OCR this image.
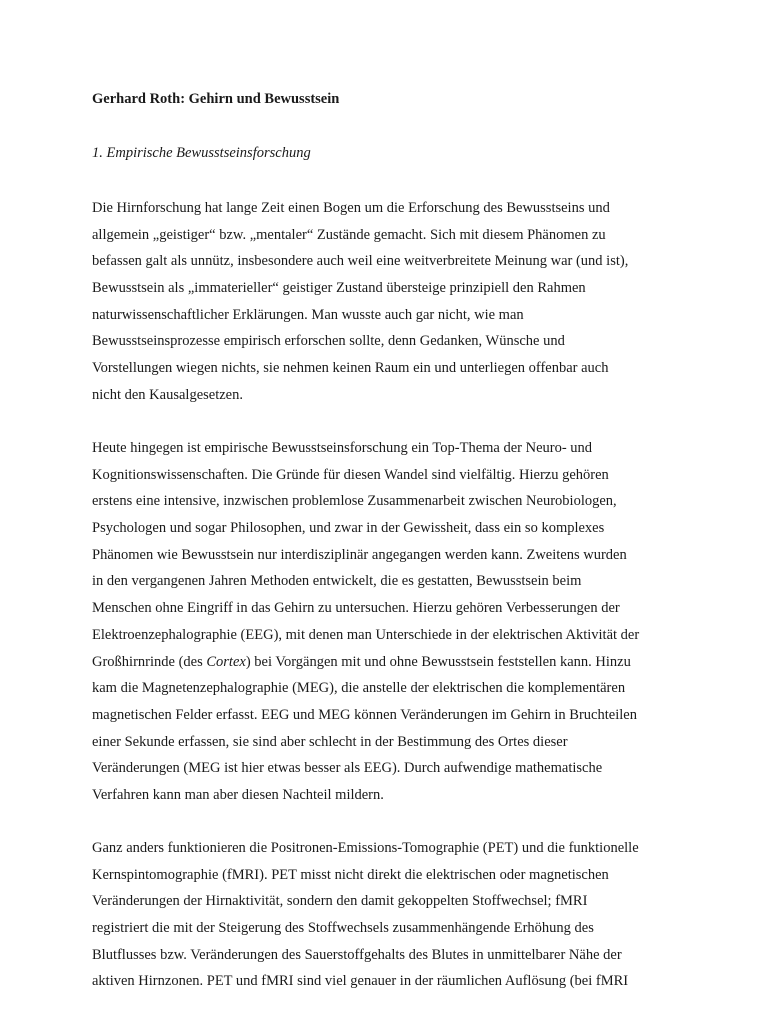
Gerhard Roth: Gehirn und Bewusstsein
1. Empirische Bewusstseinsforschung

Die Hirnforschung hat lange Zeit einen Bogen um die Erforschung des Bewusstseins und
allgemein „geistiger“ bzw. „mentaler“ Zustände gemacht. Sich mit diesem Phänomen zu
befassen galt als unnütz, insbesondere auch weil eine weitverbreitete Meinung war (und ist),
Bewusstsein als „immaterieller“ geistiger Zustand übersteige prinzipiell den Rahmen
naturwissenschaftlicher Erklärungen. Man wusste auch gar nicht, wie man
Bewusstseinsprozesse empirisch erforschen sollte, denn Gedanken, Wünsche und
Vorstellungen wiegen nichts, sie nehmen keinen Raum ein und unterliegen offenbar auch
nicht den Kausalgesetzen.

Heute hingegen ist empirische Bewusstseinsforschung ein Top-Thema der Neuro- und
Kognitionswissenschaften. Die Gründe für diesen Wandel sind vielfältig. Hierzu gehören
erstens eine intensive, inzwischen problemlose Zusammenarbeit zwischen Neurobiologen,
Psychologen und sogar Philosophen, und zwar in der Gewissheit, dass ein so komplexes
Phänomen wie Bewusstsein nur interdisziplinär angegangen werden kann. Zweitens wurden
in den vergangenen Jahren Methoden entwickelt, die es gestatten, Bewusstsein beim
Menschen ohne Eingriff in das Gehirn zu untersuchen. Hierzu gehören Verbesserungen der
Elektroenzephalographie (EEG), mit denen man Unterschiede in der elektrischen Aktivität der
Großhirnrinde (des Cortex) bei Vorgängen mit und ohne Bewusstsein feststellen kann. Hinzu
kam die Magnetenzephalographie (MEG), die anstelle der elektrischen die komplementären
magnetischen Felder erfasst. EEG und MEG können Veränderungen im Gehirn in Bruchteilen
einer Sekunde erfassen, sie sind aber schlecht in der Bestimmung des Ortes dieser
Veränderungen (MEG ist hier etwas besser als EEG). Durch aufwendige mathematische
Verfahren kann man aber diesen Nachteil mildern.

Ganz anders funktionieren die Positronen-Emissions-Tomographie (PET) und die funktionelle
Kernspintomographie (fMRI). PET misst nicht direkt die elektrischen oder magnetischen
Veränderungen der Hirnaktivität, sondern den damit gekoppelten Stoffwechsel; fMRI
registriert die mit der Steigerung des Stoffwechsels zusammenhängende Erhöhung des
Blutflusses bzw. Veränderungen des Sauerstoffgehalts des Blutes in unmittelbarer Nähe der
aktiven Hirnzonen. PET und fMRI sind viel genauer in der räumlichen Auflösung (bei fMRI
